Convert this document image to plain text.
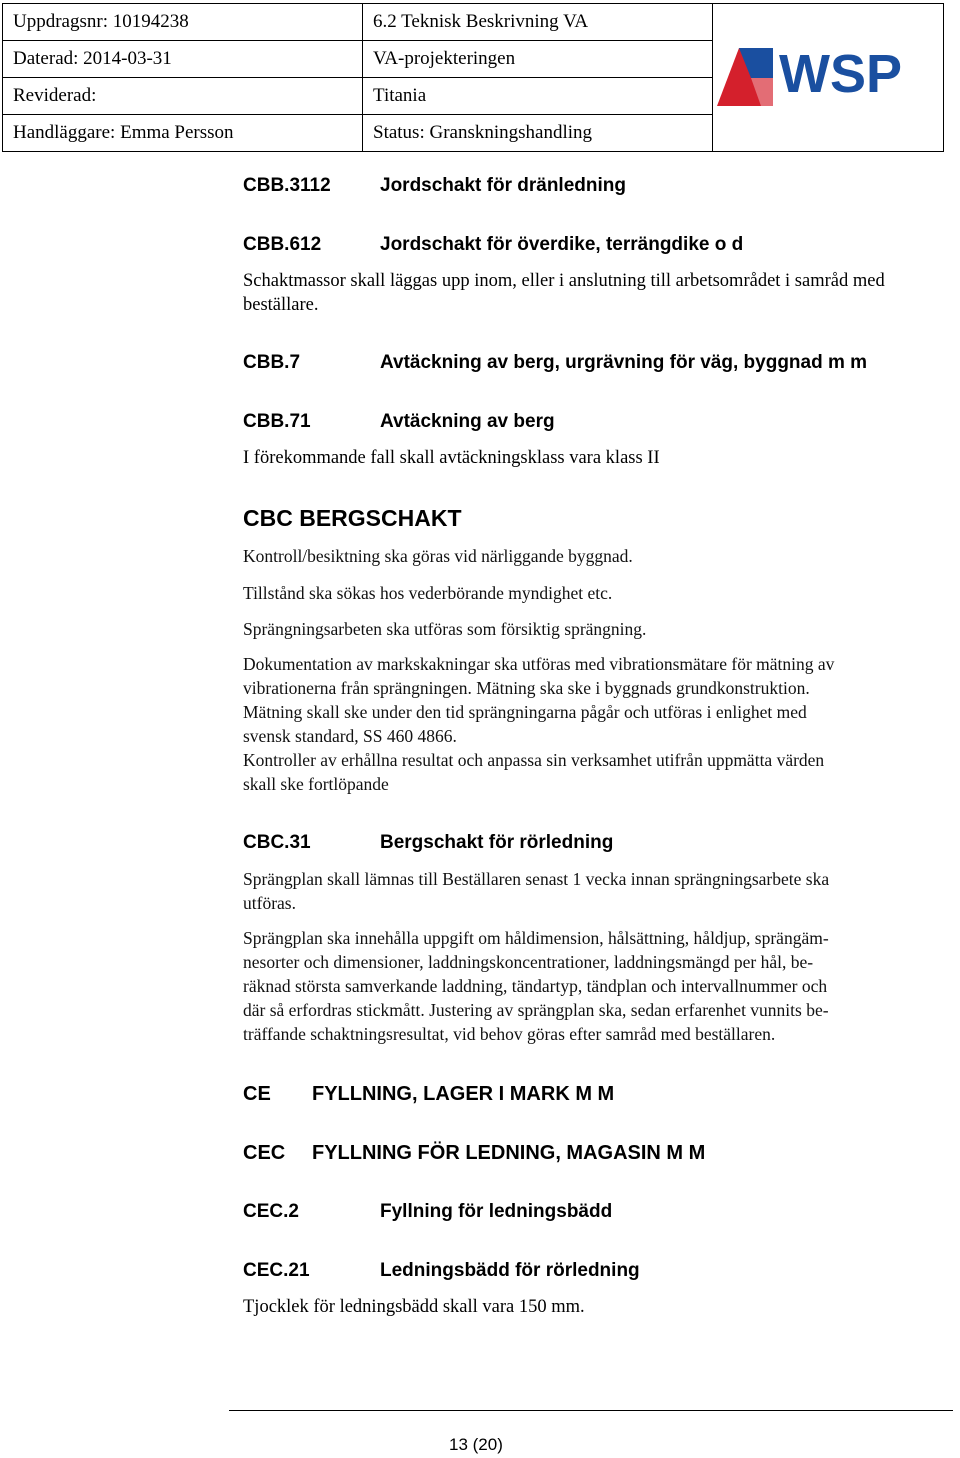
Uppdragsnr: 10194238	6.2 Teknisk Beskrivning VA	WSP

Daterad: 2014-03-31	VA-projekteringen	
Reviderad:	Titania	
Handläggare: Emma Persson	Status: Granskningshandling	
CBB.3112	Jordschakt för dränledning
CBB.612	Jordschakt för överdike, terrängdike o d
Schaktmassor skall läggas upp inom, eller i anslutning till arbetsområdet i samråd med beställare.
CBB.7	Avtäckning av berg, urgrävning för väg, byggnad m m
CBB.71	Avtäckning av berg
I förekommande fall skall avtäckningsklass vara klass II
CBC BERGSCHAKT
Kontroll/besiktning ska göras vid närliggande byggnad.
Tillstånd ska sökas hos vederbörande myndighet etc.
Sprängningsarbeten ska utföras som försiktig sprängning.
Dokumentation av markskakningar ska utföras med vibrationsmätare för mätning av
vibrationerna från sprängningen. Mätning ska ske i byggnads grundkonstruktion.
Mätning skall ske under den tid sprängningarna pågår och utföras i enlighet med
svensk standard, SS 460 4866.
Kontroller av erhållna resultat och anpassa sin verksamhet utifrån uppmätta värden
skall ske fortlöpande
CBC.31	Bergschakt för rörledning
Sprängplan skall lämnas till Beställaren senast 1 vecka innan sprängningsarbete ska
utföras.
Sprängplan ska innehålla uppgift om håldimension, hålsättning, håldjup, sprängäm-
nesorter och dimensioner, laddningskoncentrationer, laddningsmängd per hål, be-
räknad största samverkande laddning, tändartyp, tändplan och intervallnummer och
där så erfordras stickmått. Justering av sprängplan ska, sedan erfarenhet vunnits be-
träffande schaktningsresultat, vid behov göras efter samråd med beställaren.
CE FYLLNING, LAGER I MARK M M
CEC FYLLNING FÖR LEDNING, MAGASIN M M
CEC.2	Fyllning för ledningsbädd
CEC.21	Ledningsbädd för rörledning
Tjocklek för ledningsbädd skall vara 150 mm.
13 (20)
